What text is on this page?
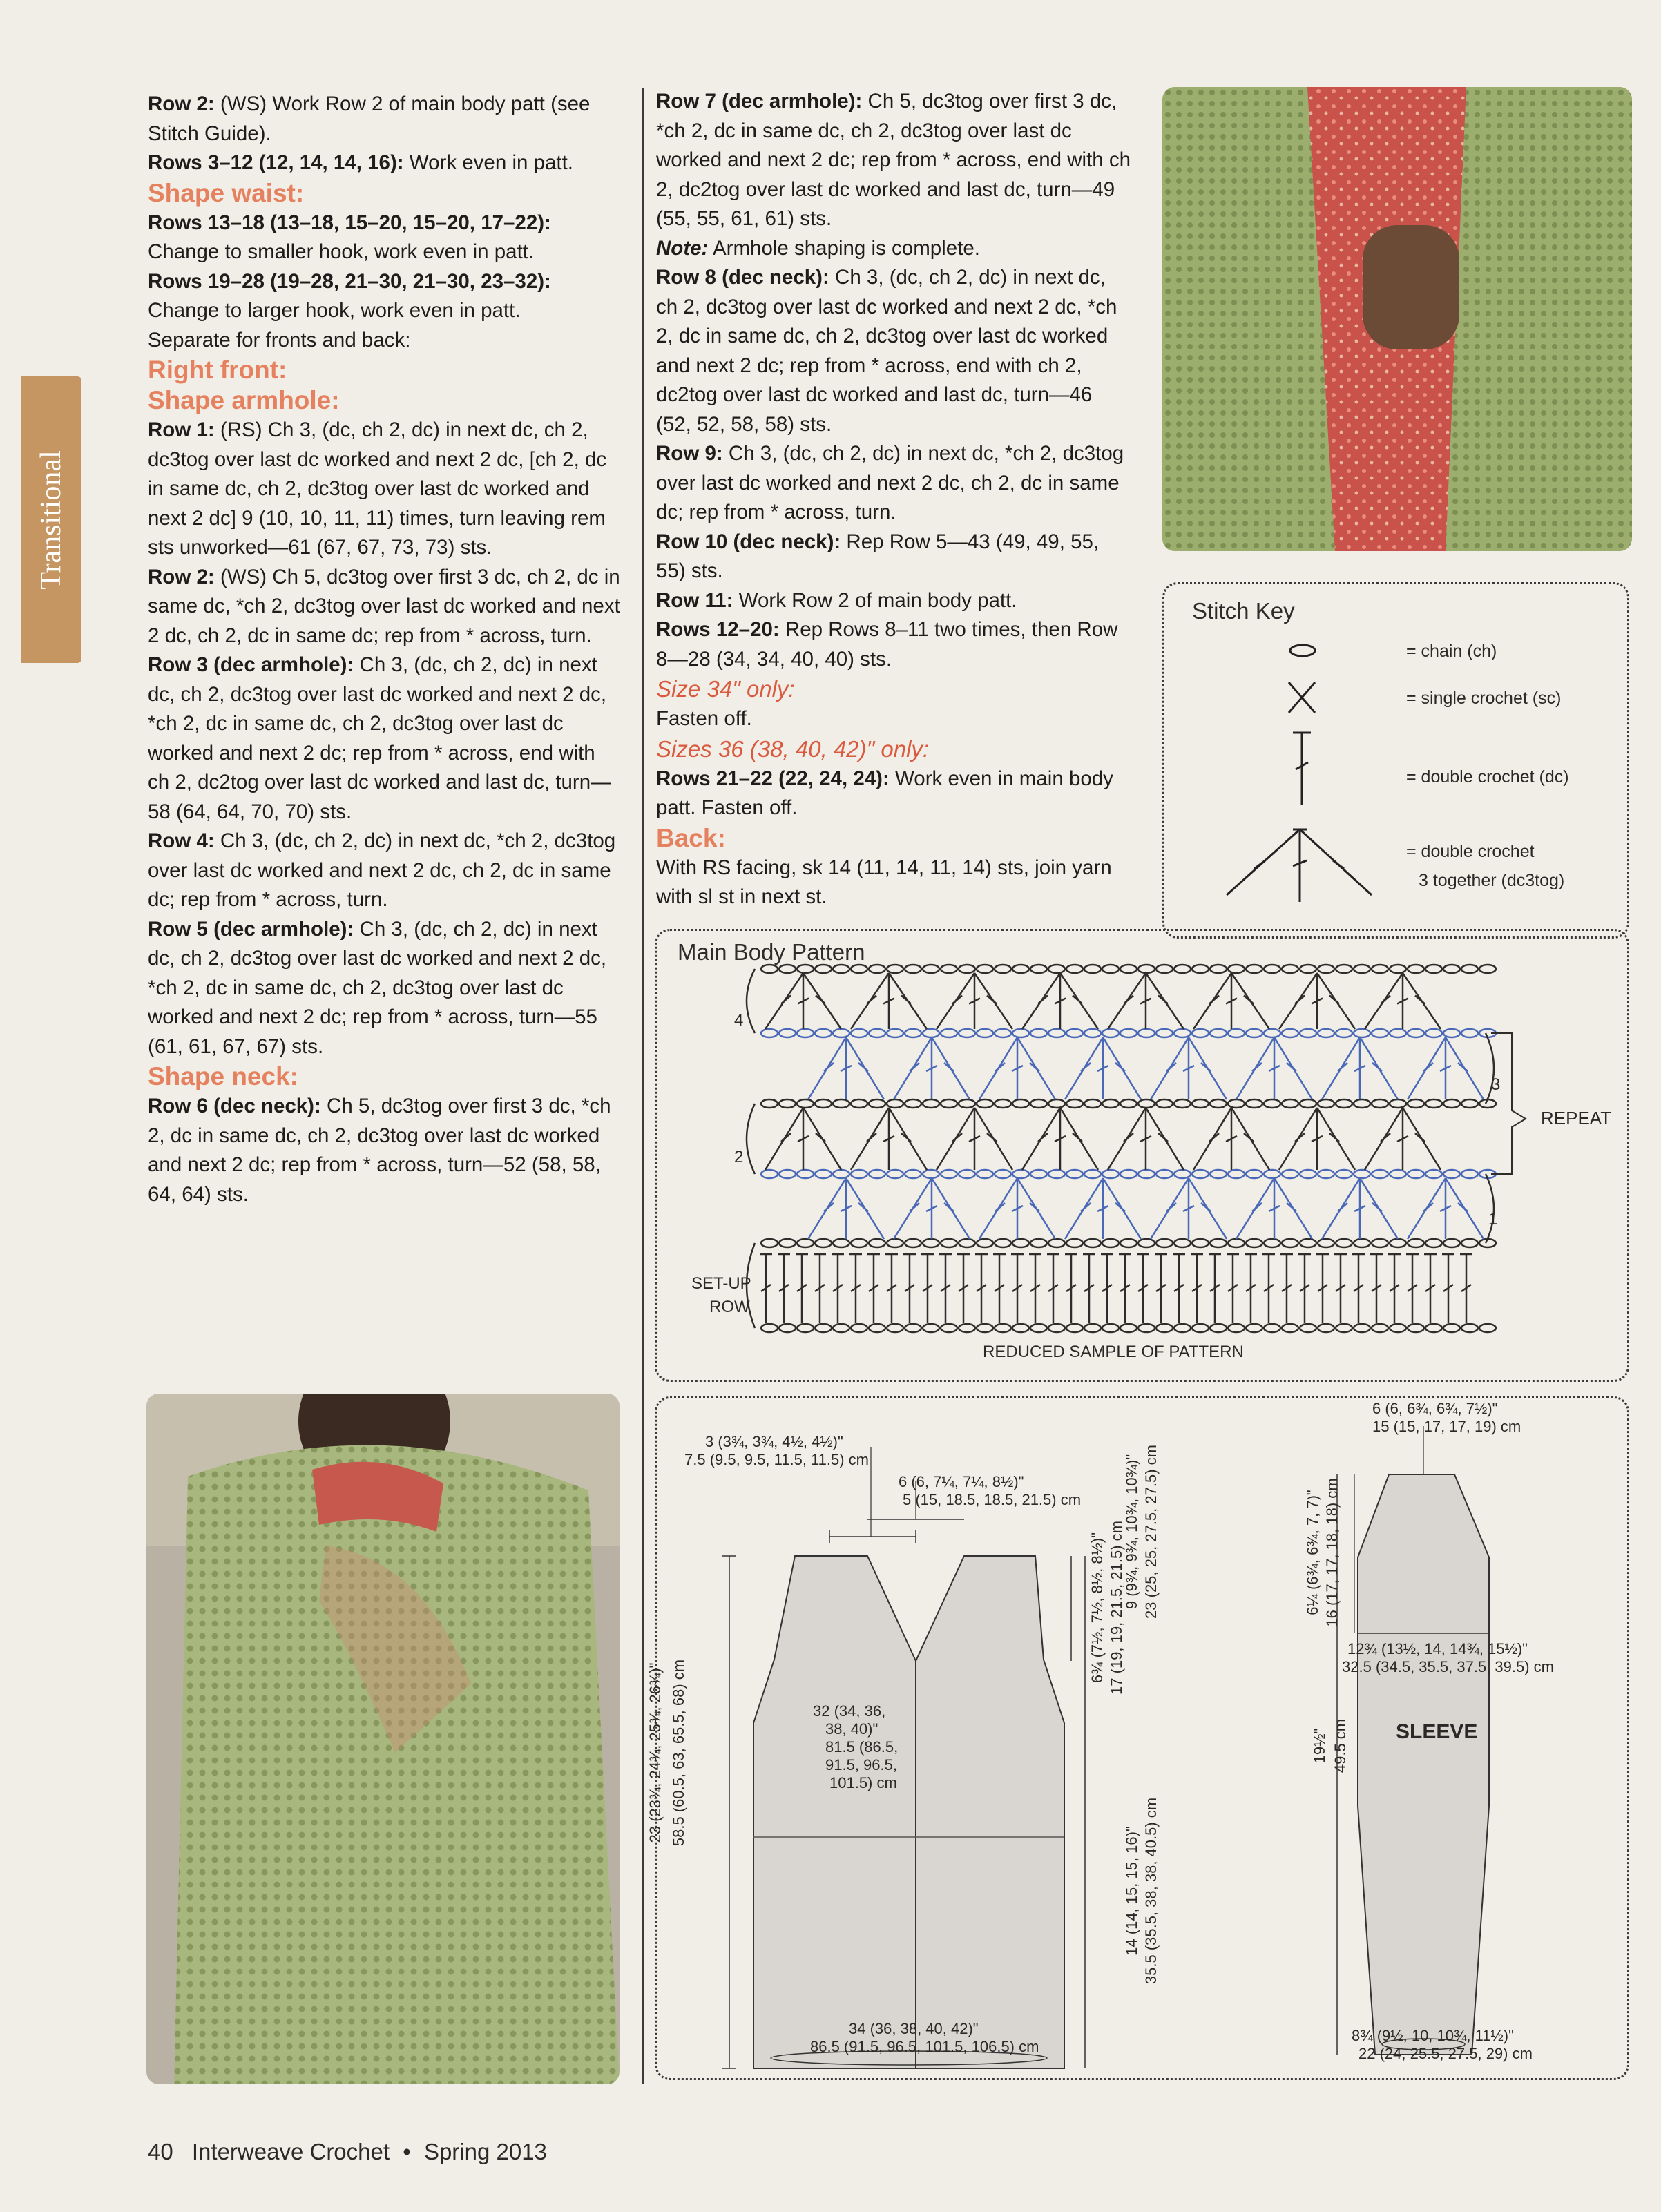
Transitional

Row 2: (WS) Work Row 2 of main body patt (see Stitch Guide).

Rows 3–12 (12, 14, 14, 16): Work even in patt.

Shape waist:

Rows 13–18 (13–18, 15–20, 15–20, 17–22): Change to smaller hook, work even in patt.

Rows 19–28 (19–28, 21–30, 21–30, 23–32): Change to larger hook, work even in patt.

Separate for fronts and back:

Right front:

Shape armhole:

Row 1: (RS) Ch 3, (dc, ch 2, dc) in next dc, ch 2, dc3tog over last dc worked and next 2 dc, [ch 2, dc in same dc, ch 2, dc3tog over last dc worked and next 2 dc] 9 (10, 10, 11, 11) times, turn leaving rem sts unworked—61 (67, 67, 73, 73) sts.

Row 2: (WS) Ch 5, dc3tog over first 3 dc, ch 2, dc in same dc, *ch 2, dc3tog over last dc worked and next 2 dc, ch 2, dc in same dc; rep from * across, turn.

Row 3 (dec armhole): Ch 3, (dc, ch 2, dc) in next dc, ch 2, dc3tog over last dc worked and next 2 dc, *ch 2, dc in same dc, ch 2, dc3tog over last dc worked and next 2 dc; rep from * across, end with ch 2, dc2tog over last dc worked and last dc, turn—58 (64, 64, 70, 70) sts.

Row 4: Ch 3, (dc, ch 2, dc) in next dc, *ch 2, dc3tog over last dc worked and next 2 dc, ch 2, dc in same dc; rep from * across, turn.

Row 5 (dec armhole): Ch 3, (dc, ch 2, dc) in next dc, ch 2, dc3tog over last dc worked and next 2 dc, *ch 2, dc in same dc, ch 2, dc3tog over last dc worked and next 2 dc; rep from * across, turn—55 (61, 61, 67, 67) sts.

Shape neck:

Row 6 (dec neck): Ch 5, dc3tog over first 3 dc, *ch 2, dc in same dc, ch 2, dc3tog over last dc worked and next 2 dc; rep from * across, turn—52 (58, 58, 64, 64) sts.

Row 7 (dec armhole): Ch 5, dc3tog over first 3 dc, *ch 2, dc in same dc, ch 2, dc3tog over last dc worked and next 2 dc; rep from * across, end with ch 2, dc2tog over last dc worked and last dc, turn—49 (55, 55, 61, 61) sts.

Note: Armhole shaping is complete.

Row 8 (dec neck): Ch 3, (dc, ch 2, dc) in next dc, ch 2, dc3tog over last dc worked and next 2 dc, *ch 2, dc in same dc, ch 2, dc3tog over last dc worked and next 2 dc; rep from * across, end with ch 2, dc2tog over last dc worked and last dc, turn—46 (52, 52, 58, 58) sts.

Row 9: Ch 3, (dc, ch 2, dc) in next dc, *ch 2, dc3tog over last dc worked and next 2 dc, ch 2, dc in same dc; rep from * across, turn.

Row 10 (dec neck): Rep Row 5—43 (49, 49, 55, 55) sts.

Row 11: Work Row 2 of main body patt.

Rows 12–20: Rep Rows 8–11 two times, then Row 8—28 (34, 34, 40, 40) sts.

Size 34" only:

Fasten off.

Sizes 36 (38, 40, 42)" only:

Rows 21–22 (22, 24, 24): Work even in main body patt. Fasten off.

Back:

With RS facing, sk 14 (11, 14, 11, 14) sts, join yarn with sl st in next st.

Stitch Key
= chain (ch)
= single crochet (sc)
= double crochet (dc)
= double crochet
3 together (dc3tog)
Main Body Pattern
4
3
2
1
REPEAT
SET-UP
ROW
REDUCED SAMPLE OF PATTERN
3 (3¾, 3¾, 4½, 4½)"
7.5 (9.5, 9.5, 11.5, 11.5) cm
6 (6, 7¼, 7¼, 8½)"
5 (15, 18.5, 18.5, 21.5) cm
23 (23¾, 24¾, 25¾, 26¾)" 58.5 (60.5, 63, 65.5, 68) cm
6¾ (7½, 7½, 8½, 8½)" 17 (19, 19, 21.5, 21.5) cm
9 (9¾, 9¾, 10¾, 10¾)" 23 (25, 25, 27.5, 27.5) cm
32 (34, 36,
38, 40)"
81.5 (86.5,
91.5, 96.5,
101.5) cm
14 (14, 15, 15, 16)" 35.5 (35.5, 38, 38, 40.5) cm
34 (36, 38, 40, 42)"
86.5 (91.5, 96.5, 101.5, 106.5) cm
6 (6, 6¾, 6¾, 7½)"
15 (15, 17, 17, 19) cm
6¼ (6¾, 6¾, 7, 7)" 16 (17, 17, 18, 18) cm
12¾ (13½, 14, 14¾, 15½)"
32.5 (34.5, 35.5, 37.5, 39.5) cm
SLEEVE
19½" 49.5 cm
8¾ (9½, 10, 10¾, 11½)"
22 (24, 25.5, 27.5, 29) cm
40 Interweave Crochet • Spring 2013
